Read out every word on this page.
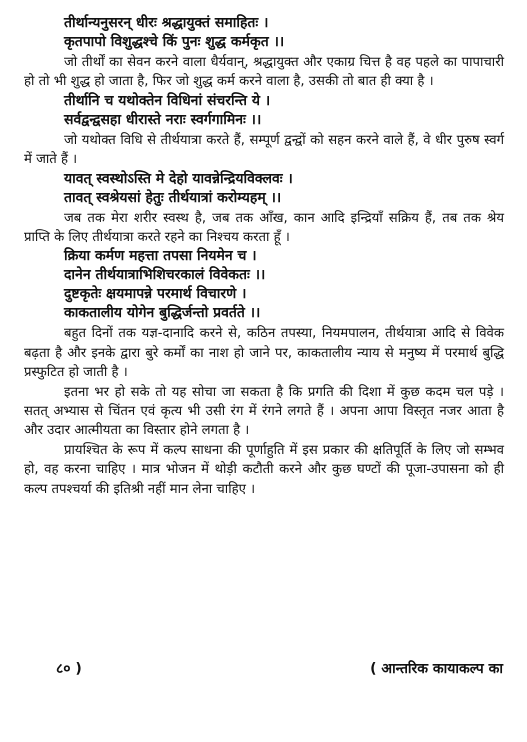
तीर्थान्यनुसरन् धीरः श्रद्धायुक्तं समाहितः ।
कृतपापो विशुद्धश्चे किं पुनः शुद्ध कर्मकृत ।।

जो तीर्थों का सेवन करने वाला धैर्यवान्, श्रद्धायुक्त और एकाग्र चित्त है वह पहले का पापाचारी हो तो भी शुद्ध हो जाता है, फिर जो शुद्ध कर्म करने वाला है, उसकी तो बात ही क्या है ।

तीर्थानि च यथोक्तेन विधिनां संचरन्ति ये ।
सर्वद्वन्द्वसहा धीरास्ते नराः स्वर्गगामिनः ।।

जो यथोक्त विधि से तीर्थयात्रा करते हैं, सम्पूर्ण द्वन्द्वों को सहन करने वाले हैं, वे धीर पुरुष स्वर्ग में जाते हैं ।

यावत् स्वस्थोऽस्ति मे देहो यावन्नेन्द्रियविक्लवः ।
तावत् स्वश्रेयसां हेतुः तीर्थयात्रां करोम्यहम् ।।

जब तक मेरा शरीर स्वस्थ है, जब तक आँख, कान आदि इन्द्रियाँ सक्रिय हैं, तब तक श्रेय प्राप्ति के लिए तीर्थयात्रा करते रहने का निश्चय करता हूँ ।

क्रिया कर्मण महत्ता तपसा नियमेन च ।
दानेन तीर्थयात्राभिशिचरकालं विवेकतः ।।
दुष्टकृतेः क्षयमापन्ने परमार्थ विचारणे ।
काकतालीय योगेन बुद्धिर्जन्तो प्रवर्तते ।।

बहुत दिनों तक यज्ञ-दानादि करने से, कठिन तपस्या, नियमपालन, तीर्थयात्रा आदि से विवेक बढ़ता है और इनके द्वारा बुरे कर्मों का नाश हो जाने पर, काकतालीय न्याय से मनुष्य में परमार्थ बुद्धि प्रस्फुटित हो जाती है ।

इतना भर हो सके तो यह सोचा जा सकता है कि प्रगति की दिशा में कुछ कदम चल पड़े । सतत् अभ्यास से चिंतन एवं कृत्य भी उसी रंग में रंगने लगते हैं । अपना आपा विस्तृत नजर आता है और उदार आत्मीयता का विस्तार होने लगता है ।

प्रायश्चित के रूप में कल्प साधना की पूर्णाहुति में इस प्रकार की क्षतिपूर्ति के लिए जो सम्भव हो, वह करना चाहिए । मात्र भोजन में थोड़ी कटौती करने और कुछ घण्टों की पूजा-उपासना को ही कल्प तपश्चर्या की इतिश्री नहीं मान लेना चाहिए ।

८० )	( आन्तरिक कायाकल्प का
